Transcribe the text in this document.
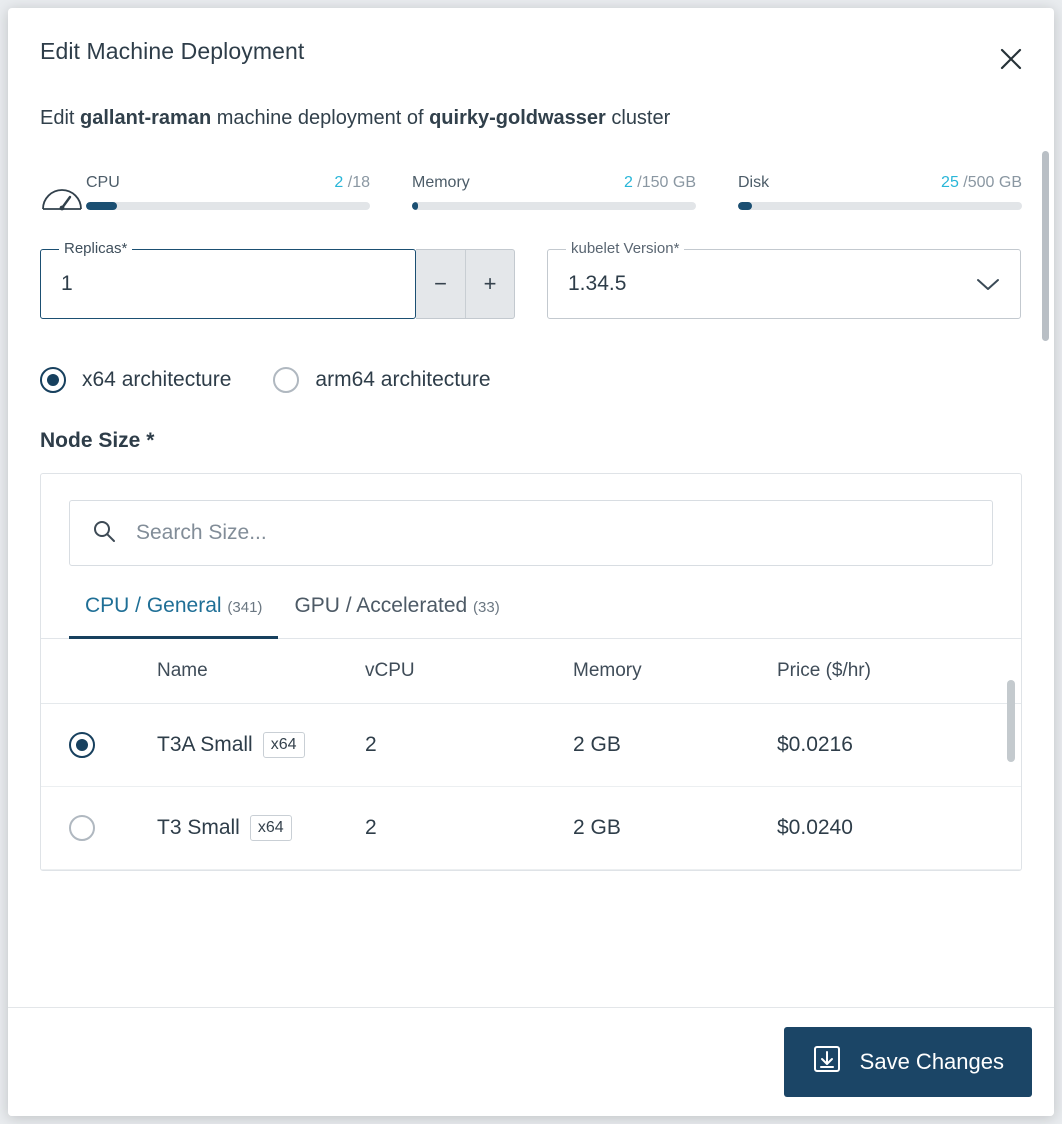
Edit Machine Deployment
Edit gallant-raman machine deployment of quirky-goldwasser cluster
CPU	2 /18	Memory	2 /150 GB	Disk	25 /500 GB
Replicas*
1
−	+
kubelet Version*
1.34.5
x64 architecture	arm64 architecture
Node Size *
Search Size...
CPU / General (341)	GPU / Accelerated (33)
Name	vCPU	Memory	Price ($/hr)
T3A Small	x64	2	2 GB	$0.0216
T3 Small	x64	2	2 GB	$0.0240
Save Changes
